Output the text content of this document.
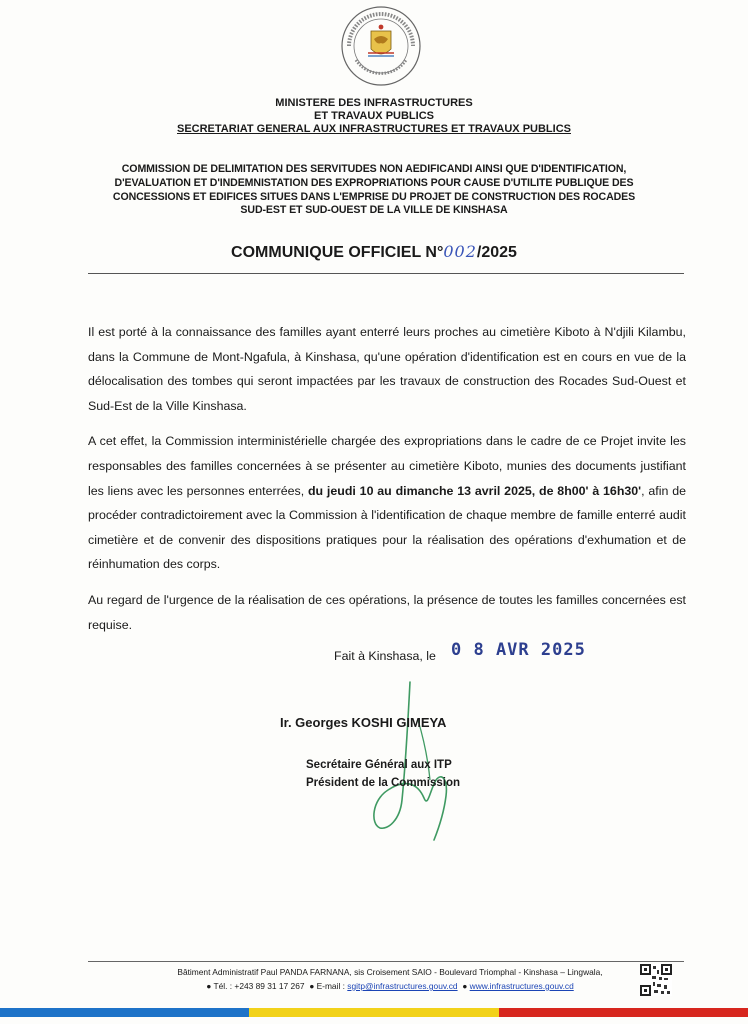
MINISTERE DES INFRASTRUCTURES
ET TRAVAUX PUBLICS
SECRETARIAT GENERAL AUX INFRASTRUCTURES ET TRAVAUX PUBLICS
COMMISSION DE DELIMITATION DES SERVITUDES NON AEDIFICANDI AINSI QUE D'IDENTIFICATION,
D'EVALUATION ET D'INDEMNISTATION DES EXPROPRIATIONS POUR CAUSE D'UTILITE PUBLIQUE DES
CONCESSIONS ET EDIFICES SITUES DANS L'EMPRISE DU PROJET DE CONSTRUCTION DES ROCADES
SUD-EST ET SUD-OUEST DE LA VILLE DE KINSHASA
COMMUNIQUE OFFICIEL N°002/2025

Il est porté à la connaissance des familles ayant enterré leurs proches au cimetière Kiboto à N'djili Kilambu, dans la Commune de Mont-Ngafula, à Kinshasa, qu'une opération d'identification est en cours en vue de la délocalisation des tombes qui seront impactées par les travaux de construction des Rocades Sud-Ouest et Sud-Est de la Ville Kinshasa.

A cet effet, la Commission interministérielle chargée des expropriations dans le cadre de ce Projet invite les responsables des familles concernées à se présenter au cimetière Kiboto, munies des documents justifiant les liens avec les personnes enterrées, du jeudi 10 au dimanche 13 avril 2025, de 8h00' à 16h30', afin de procéder contradictoirement avec la Commission à l'identification de chaque membre de famille enterré audit cimetière et de convenir des dispositions pratiques pour la réalisation des opérations d'exhumation et de réinhumation des corps.

Au regard de l'urgence de la réalisation de ces opérations, la présence de toutes les familles concernées est requise.

Fait à Kinshasa, le 0 8 AVR 2025
Ir. Georges KOSHI GIMEYA
Secrétaire Général aux ITP
Président de la Commission
Bâtiment Administratif Paul PANDA FARNANA, sis Croisement SAIO - Boulevard Triomphal - Kinshasa – Lingwala,
● Tél. : +243 89 31 17 267 ● E-mail : sgitp@infrastructures.gouv.cd ● www.infrastructures.gouv.cd
